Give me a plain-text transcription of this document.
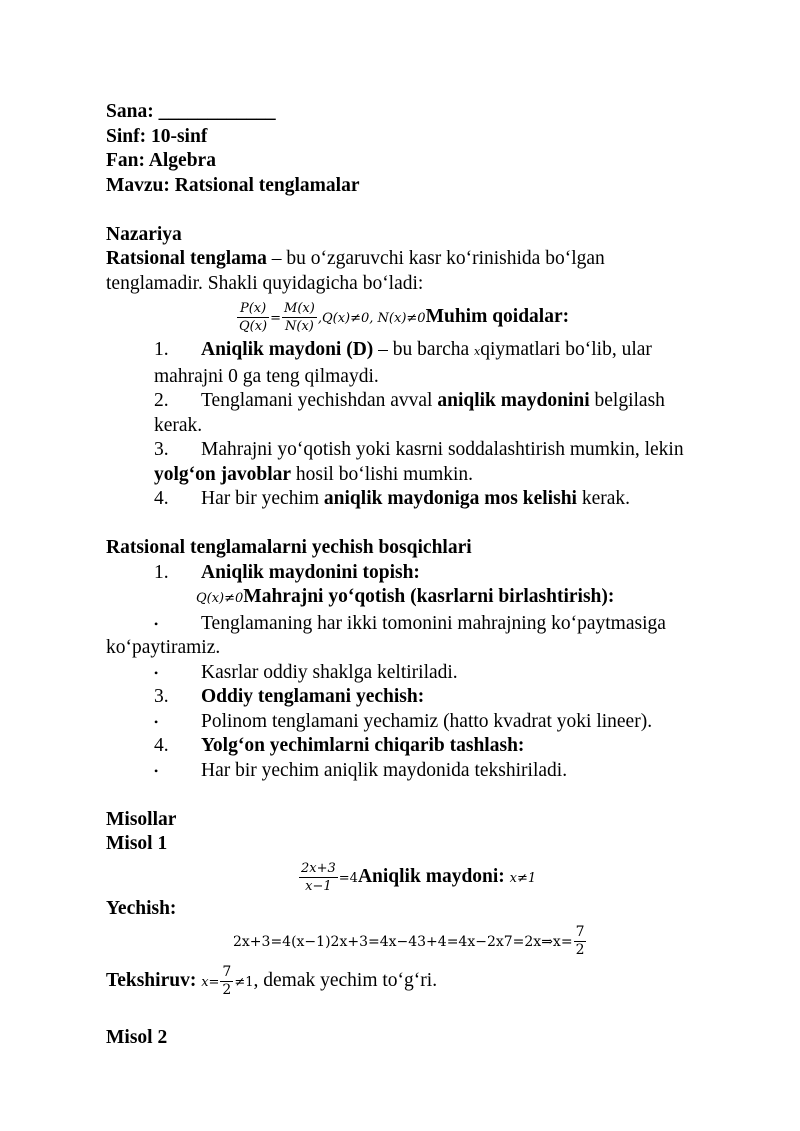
Sana: ____________
Sinf: 10-sinf
Fan: Algebra
Mavzu: Ratsional tenglamalar
Nazariya
Ratsional tenglama – bu o‘zgaruvchi kasr ko‘rinishida bo‘lgan
tenglamadir. Shakli quyidagicha bo‘ladi:
$\frac{P(x)}{Q(x)} = \frac{M(x)}{N(x)} ,Q(x)\ne 0$, N(x)≠0Muhim qoidalar:
1.	Aniqlik maydoni (D) – bu barcha xqiymatlari bo‘lib, ular
mahrajni 0 ga teng qilmaydi.
2.	Tenglamani yechishdan avval aniqlik maydonini belgilash
kerak.
3.	Mahrajni yo‘qotish yoki kasrni soddalashtirish mumkin, lekin
yolg‘on javoblar hosil bo‘lishi mumkin.
4.	Har bir yechim aniqlik maydoniga mos kelishi kerak.
Ratsional tenglamalarni yechish bosqichlari
1.	Aniqlik maydonini topish:
Q(x)≠0Mahrajni yo‘qotish (kasrlarni birlashtirish):
•	Tenglamaning har ikki tomonini mahrajning ko‘paytmasiga
ko‘paytiramiz.
•	Kasrlar oddiy shaklga keltiriladi.
3.	Oddiy tenglamani yechish:
•	Polinom tenglamani yechamiz (hatto kvadrat yoki lineer).
4.	Yolg‘on yechimlarni chiqarib tashlash:
•	Har bir yechim aniqlik maydonida tekshiriladi.
Misollar
Misol 1
$\frac{2x+3}{x-1}$ =4Aniqlik maydoni: x≠1
Yechish:
2x+3=4(x−1)2x+3=4x−43+4=4x−2x7=2x⇒x= $\frac{7}{2}$
Tekshiruv: $x= \frac{7}{2} \ne 1$, demak yechim to‘g‘ri.
Misol 2
